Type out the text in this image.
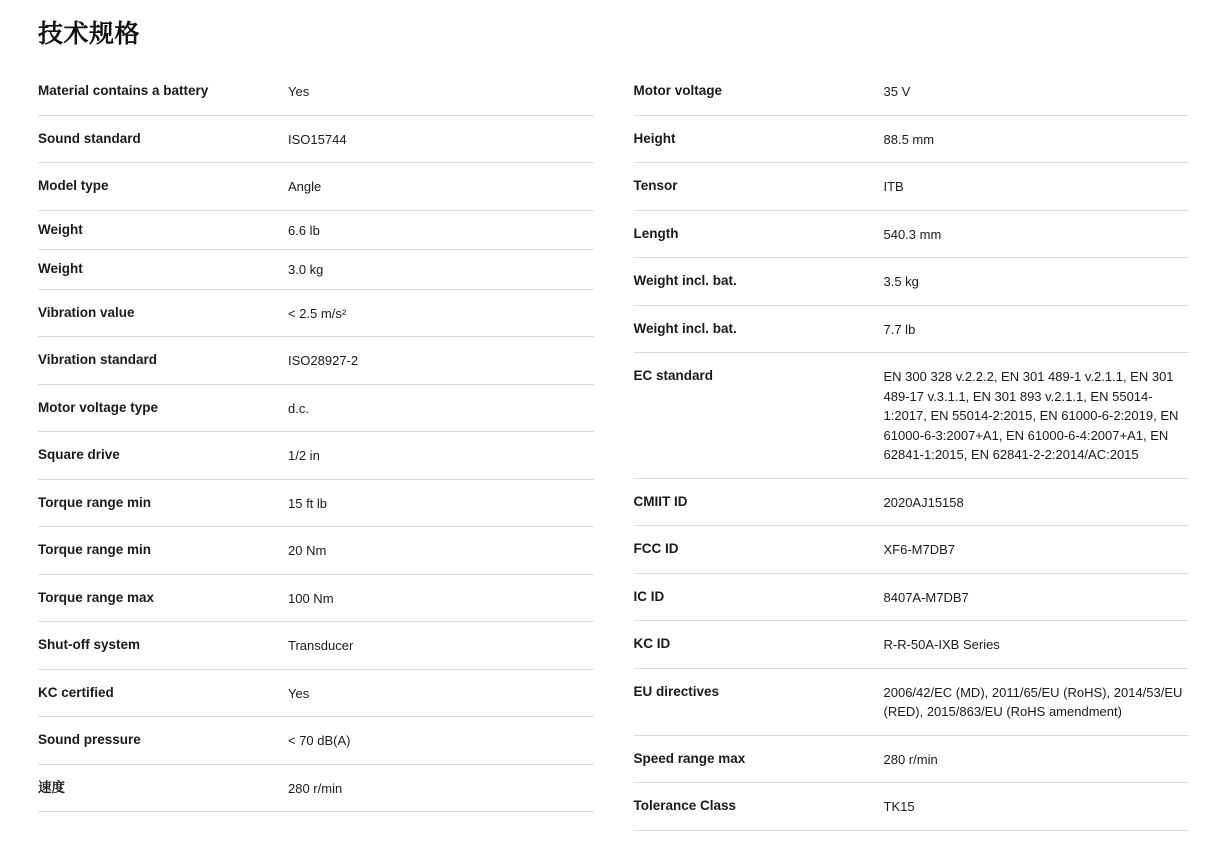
技术规格
Material contains a battery	Yes
Sound standard	ISO15744
Model type	Angle
Weight	6.6 lb
Weight	3.0 kg
Vibration value	< 2.5 m/s²
Vibration standard	ISO28927-2
Motor voltage type	d.c.
Square drive	1/2 in
Torque range min	15 ft lb
Torque range min	20 Nm
Torque range max	100 Nm
Shut-off system	Transducer
KC certified	Yes
Sound pressure	< 70 dB(A)
速度	280 r/min
Motor voltage	35 V
Height	88.5 mm
Tensor	ITB
Length	540.3 mm
Weight incl. bat.	3.5 kg
Weight incl. bat.	7.7 lb
EC standard	EN 300 328 v.2.2.2, EN 301 489-1 v.2.1.1, EN 301 489-17 v.3.1.1, EN 301 893 v.2.1.1, EN 55014-1:2017, EN 55014-2:2015, EN 61000-6-2:2019, EN 61000-6-3:2007+A1, EN 61000-6-4:2007+A1, EN 62841-1:2015, EN 62841-2-2:2014/AC:2015
CMIIT ID	2020AJ15158
FCC ID	XF6-M7DB7
IC ID	8407A-M7DB7
KC ID	R-R-50A-IXB Series
EU directives	2006/42/EC (MD), 2011/65/EU (RoHS), 2014/53/EU (RED), 2015/863/EU (RoHS amendment)
Speed range max	280 r/min
Tolerance Class	TK15
